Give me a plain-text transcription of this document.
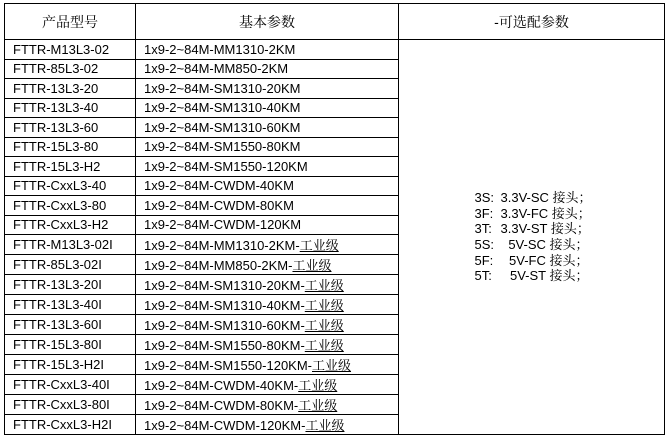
产品型号	基本参数	-可选配参数
FTTR-M13L3-02	1x9-2~84M-MM1310-2KM	
3S: 3.3V-SC 接头；
3F: 3.3V-FC 接头；
3T: 3.3V-ST 接头；
5S:	5V-SC 接头；
5F:	5V-FC 接头；
5T:	5V-ST 接头；

FTTR-85L3-02	1x9-2~84M-MM850-2KM	
FTTR-13L3-20	1x9-2~84M-SM1310-20KM	
FTTR-13L3-40	1x9-2~84M-SM1310-40KM	
FTTR-13L3-60	1x9-2~84M-SM1310-60KM	
FTTR-15L3-80	1x9-2~84M-SM1550-80KM	
FTTR-15L3-H2	1x9-2~84M-SM1550-120KM	
FTTR-CxxL3-40	1x9-2~84M-CWDM-40KM	
FTTR-CxxL3-80	1x9-2~84M-CWDM-80KM	
FTTR-CxxL3-H2	1x9-2~84M-CWDM-120KM	
FTTR-M13L3-02I	1x9-2~84M-MM1310-2KM-工业级	
FTTR-85L3-02I	1x9-2~84M-MM850-2KM-工业级	
FTTR-13L3-20I	1x9-2~84M-SM1310-20KM-工业级	
FTTR-13L3-40I	1x9-2~84M-SM1310-40KM-工业级	
FTTR-13L3-60I	1x9-2~84M-SM1310-60KM-工业级	
FTTR-15L3-80I	1x9-2~84M-SM1550-80KM-工业级	
FTTR-15L3-H2I	1x9-2~84M-SM1550-120KM-工业级	
FTTR-CxxL3-40I	1x9-2~84M-CWDM-40KM-工业级	
FTTR-CxxL3-80I	1x9-2~84M-CWDM-80KM-工业级	
FTTR-CxxL3-H2I	1x9-2~84M-CWDM-120KM-工业级	
